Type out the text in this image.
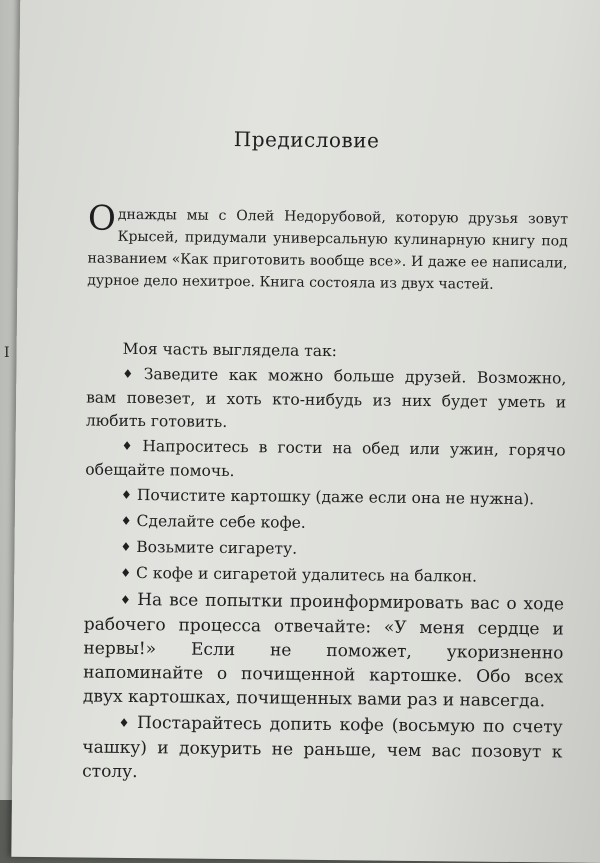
I
Предисловие
Однажды мы с Олей Недорубовой, которую друзья зовут Крысей, придумали универсальную кулинарную книгу под названием «Как приготовить вообще все». И даже ее написали, дурное дело нехитрое. Книга состояла из двух частей.

Моя часть выглядела так:

♦ Заведите как можно больше друзей. Возможно, вам повезет, и хоть кто-нибудь из них будет уметь и любить готовить.

♦ Напроситесь в гости на обед или ужин, горячо обещайте помочь.

♦ Почистите картошку (даже если она не нужна).

♦ Сделайте себе кофе.

♦ Возьмите сигарету.

♦ С кофе и сигаретой удалитесь на балкон.

♦ На все попытки проинформировать вас о ходе рабочего процесса отвечайте: «У меня сердце и нервы!» Если не поможет, укоризненно напоминайте о почищенной картошке. Обо всех двух картошках, почищенных вами раз и навсегда.

♦ Постарайтесь допить кофе (восьмую по счету чашку) и докурить не раньше, чем вас позовут к столу.
